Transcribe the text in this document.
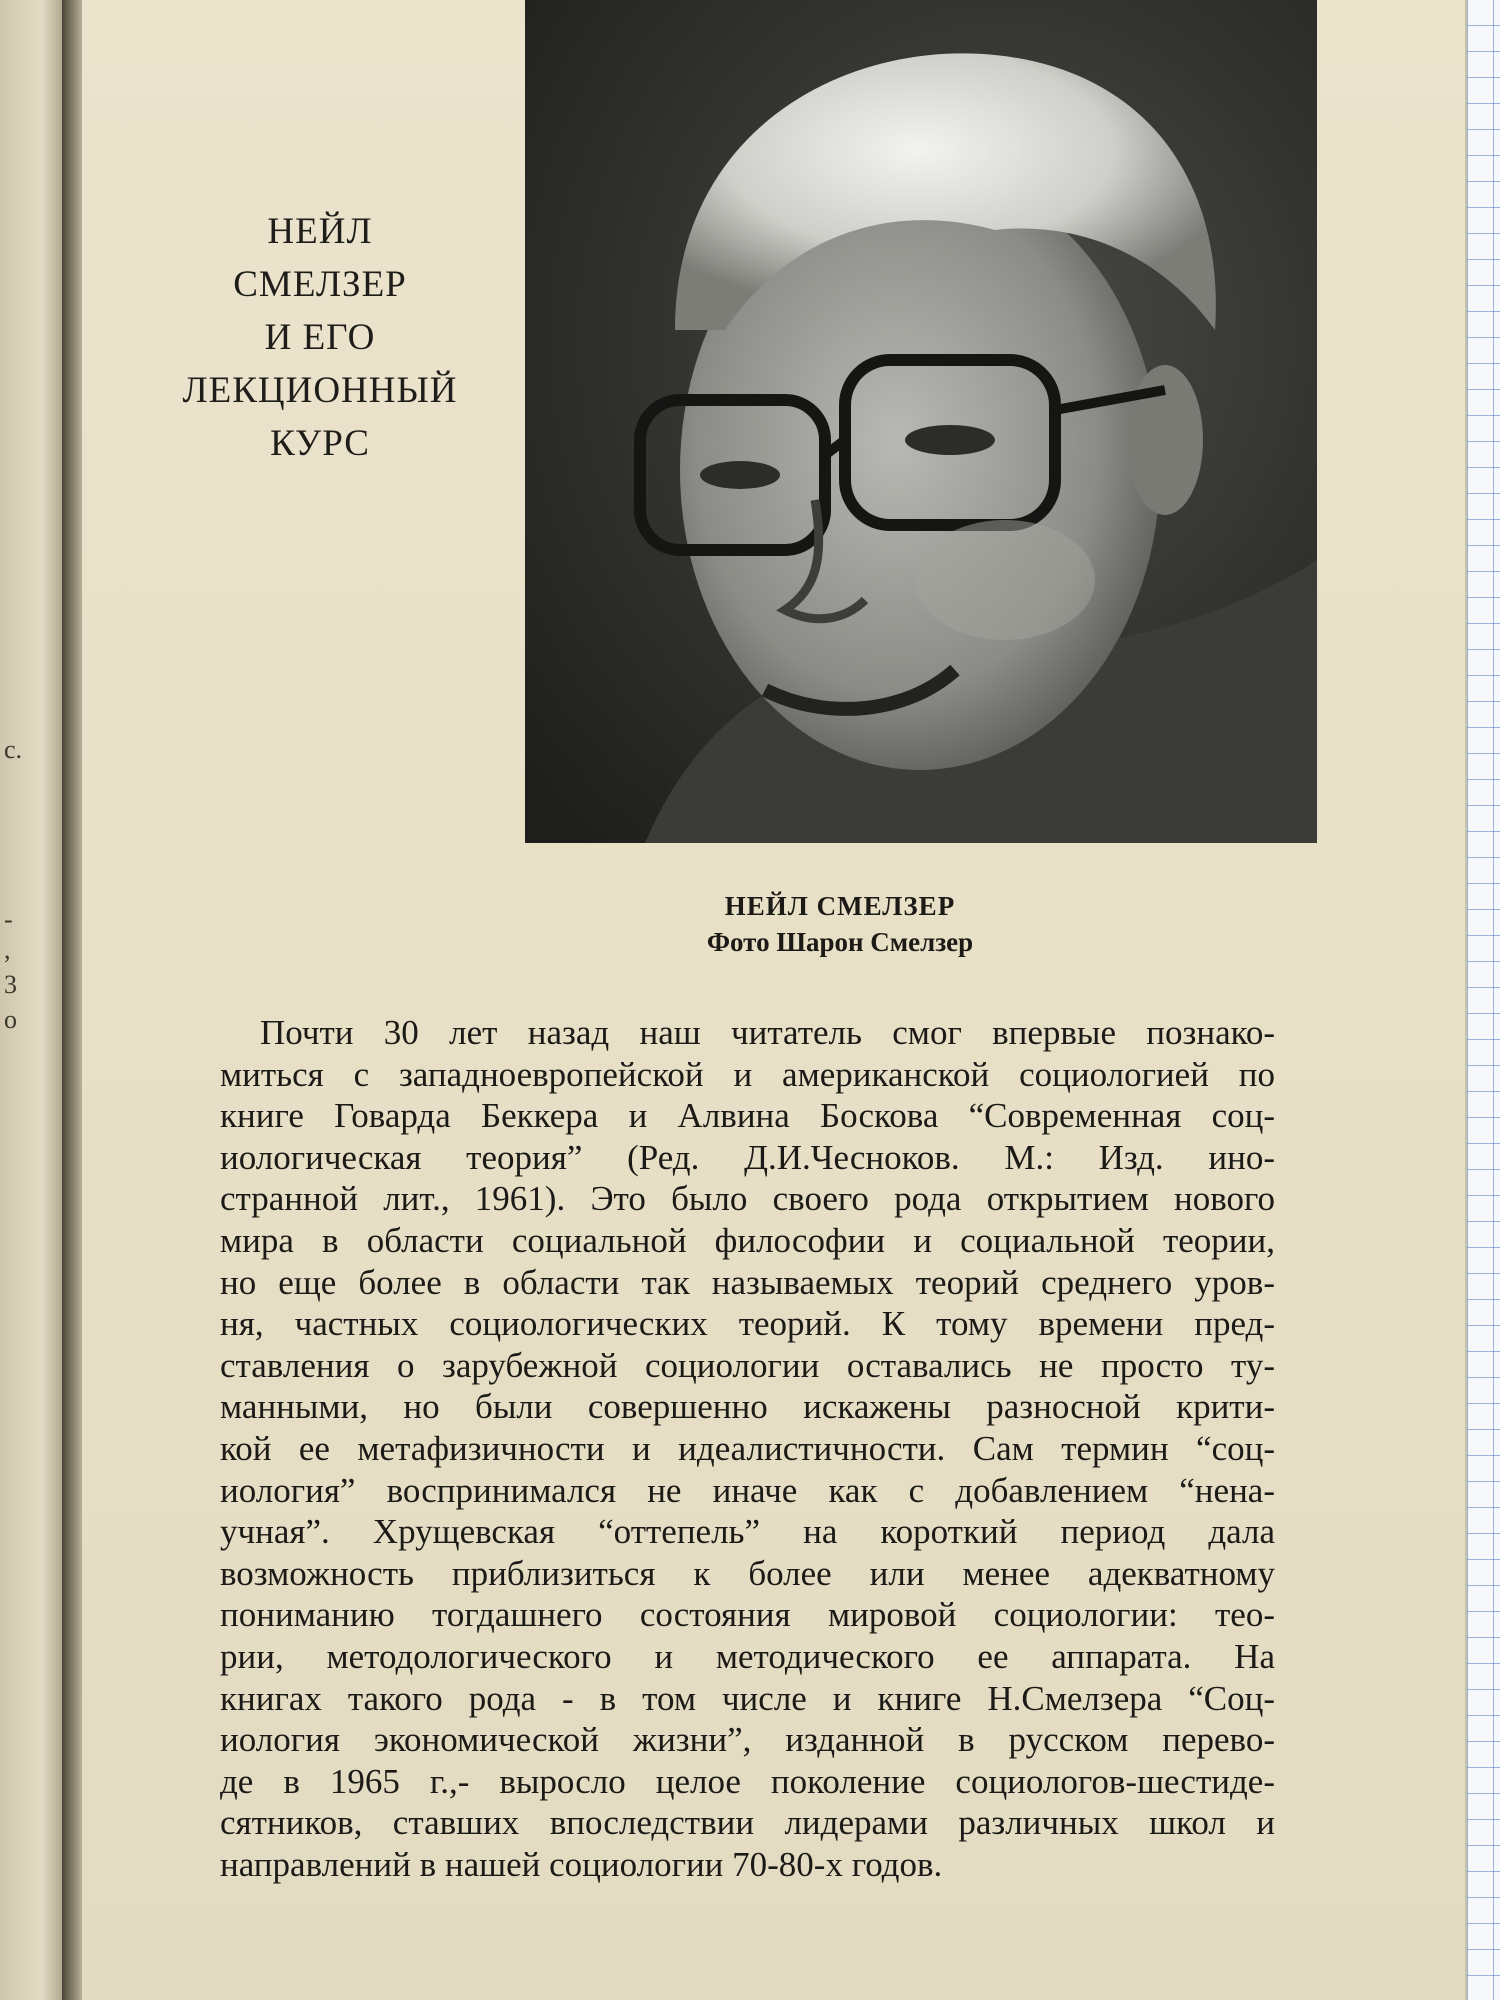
c.
-
,
3
o
НЕЙЛ
СМЕЛЗЕР
И ЕГО
ЛЕКЦИОННЫЙ
КУРС
НЕЙЛ СМЕЛЗЕР
Фото Шарон Смелзер
Почти 30 лет назад наш читатель смог впервые познако-
миться с западноевропейской и американской социологией по
книге Говарда Беккера и Алвина Боскова “Современная соц-
иологическая теория” (Ред. Д.И.Чесноков. М.: Изд. ино-
странной лит., 1961). Это было своего рода открытием нового
мира в области социальной философии и социальной теории,
но еще более в области так называемых теорий среднего уров-
ня, частных социологических теорий. К тому времени пред-
ставления о зарубежной социологии оставались не просто ту-
манными, но были совершенно искажены разносной крити-
кой ее метафизичности и идеалистичности. Сам термин “соц-
иология” воспринимался не иначе как с добавлением “нена-
учная”. Хрущевская “оттепель” на короткий период дала
возможность приблизиться к более или менее адекватному
пониманию тогдашнего состояния мировой социологии: тео-
рии, методологического и методического ее аппарата. На
книгах такого рода - в том числе и книге Н.Смелзера “Соц-
иология экономической жизни”, изданной в русском перево-
де в 1965 г.,- выросло целое поколение социологов-шестиде-
сятников, ставших впоследствии лидерами различных школ и
направлений в нашей социологии 70-80-х годов.
